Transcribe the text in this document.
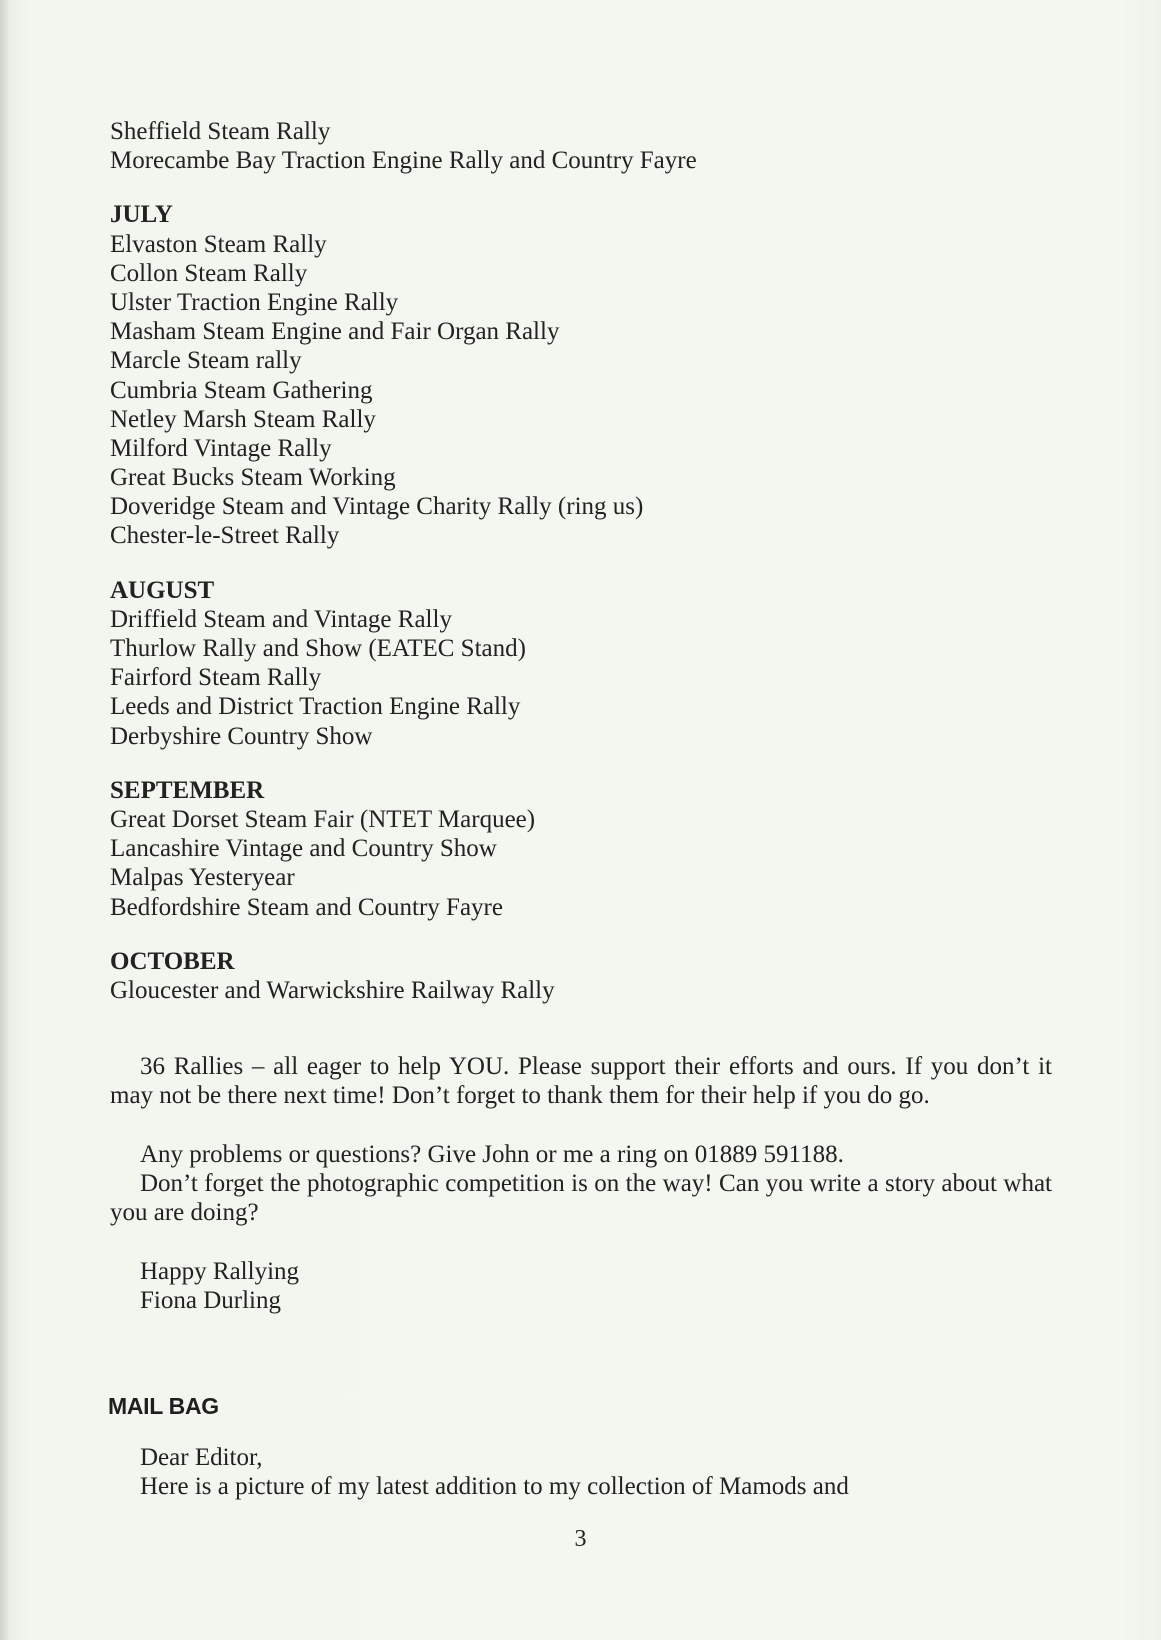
Sheffield Steam Rally
Morecambe Bay Traction Engine Rally and Country Fayre
JULY
Elvaston Steam Rally
Collon Steam Rally
Ulster Traction Engine Rally
Masham Steam Engine and Fair Organ Rally
Marcle Steam rally
Cumbria Steam Gathering
Netley Marsh Steam Rally
Milford Vintage Rally
Great Bucks Steam Working
Doveridge Steam and Vintage Charity Rally (ring us)
Chester-le-Street Rally
AUGUST
Driffield Steam and Vintage Rally
Thurlow Rally and Show (EATEC Stand)
Fairford Steam Rally
Leeds and District Traction Engine Rally
Derbyshire Country Show
SEPTEMBER
Great Dorset Steam Fair (NTET Marquee)
Lancashire Vintage and Country Show
Malpas Yesteryear
Bedfordshire Steam and Country Fayre
OCTOBER
Gloucester and Warwickshire Railway Rally
36 Rallies – all eager to help YOU. Please support their efforts and ours. If you don’t it may not be there next time! Don’t forget to thank them for their help if you do go.
Any problems or questions? Give John or me a ring on 01889 591188.
Don’t forget the photographic competition is on the way! Can you write a story about what you are doing?
Happy Rallying
Fiona Durling
MAIL BAG
Dear Editor,
Here is a picture of my latest addition to my collection of Mamods and
3
